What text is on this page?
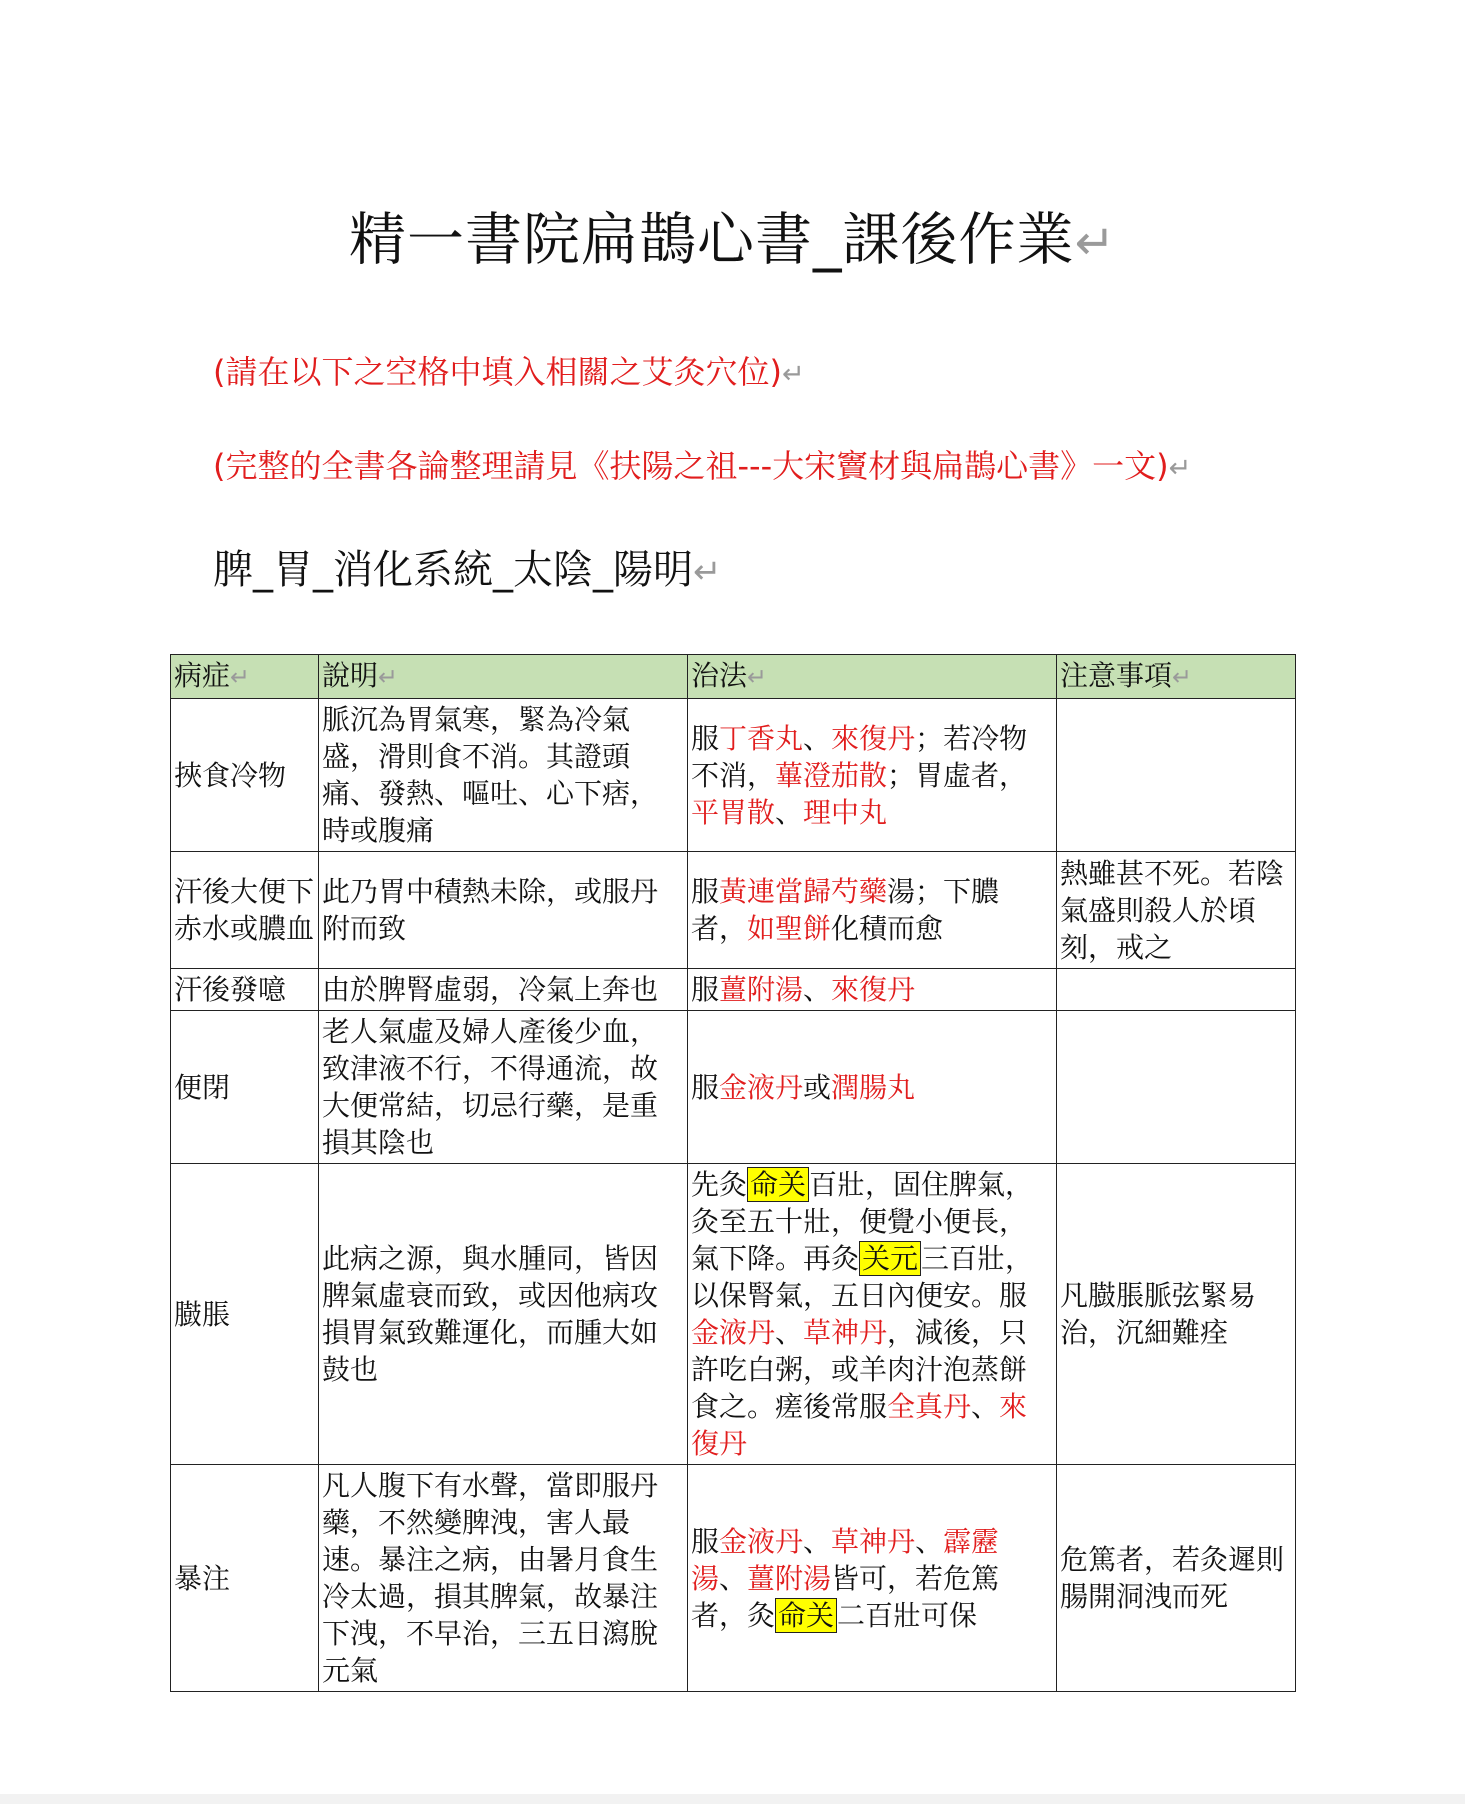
精一書院扁鵲心書_課後作業↵
(請在以下之空格中填入相關之艾灸穴位)↵
(完整的全書各論整理請見《扶陽之祖---大宋竇材與扁鵲心書》一文)↵
脾_胃_消化系統_太陰_陽明↵
病症↵	說明↵	治法↵	注意事項↵
挾食冷物	脈沉為胃氣寒，緊為冷氣盛，滑則食不消。其證頭痛、發熱、嘔吐、心下痞，時或腹痛	服丁香丸、來復丹；若冷物不消，蓽澄茄散；胃虛者，平胃散、理中丸	
汗後大便下赤水或膿血	此乃胃中積熱未除，或服丹附而致	服黃連當歸芍藥湯；下膿者，如聖餅化積而愈	熱雖甚不死。若陰氣盛則殺人於頃刻，戒之
汗後發噫	由於脾腎虛弱，冷氣上奔也	服薑附湯、來復丹	
便閉	老人氣虛及婦人產後少血，致津液不行，不得通流，故大便常結，切忌行藥，是重損其陰也	服金液丹或潤腸丸	
臌脹	此病之源，與水腫同，皆因脾氣虛衰而致，或因他病攻損胃氣致難運化，而腫大如鼓也	先灸 命关 百壯，固住脾氣，灸至五十壯，便覺小便長，氣下降。再灸 关元 三百壯，以保腎氣，五日內便安。服金液丹、草神丹，減後，只許吃白粥，或羊肉汁泡蒸餅食之。瘥後常服全真丹、來復丹	凡臌脹脈弦緊易治，沉細難痊
暴注	凡人腹下有水聲，當即服丹藥，不然變脾洩，害人最速。暴注之病，由暑月食生冷太過，損其脾氣，故暴注下洩，不早治，三五日瀉脫元氣	服金液丹、草神丹、霹靂湯、薑附湯皆可，若危篤者，灸 命关 二百壯可保	危篤者，若灸遲則腸開洞洩而死
